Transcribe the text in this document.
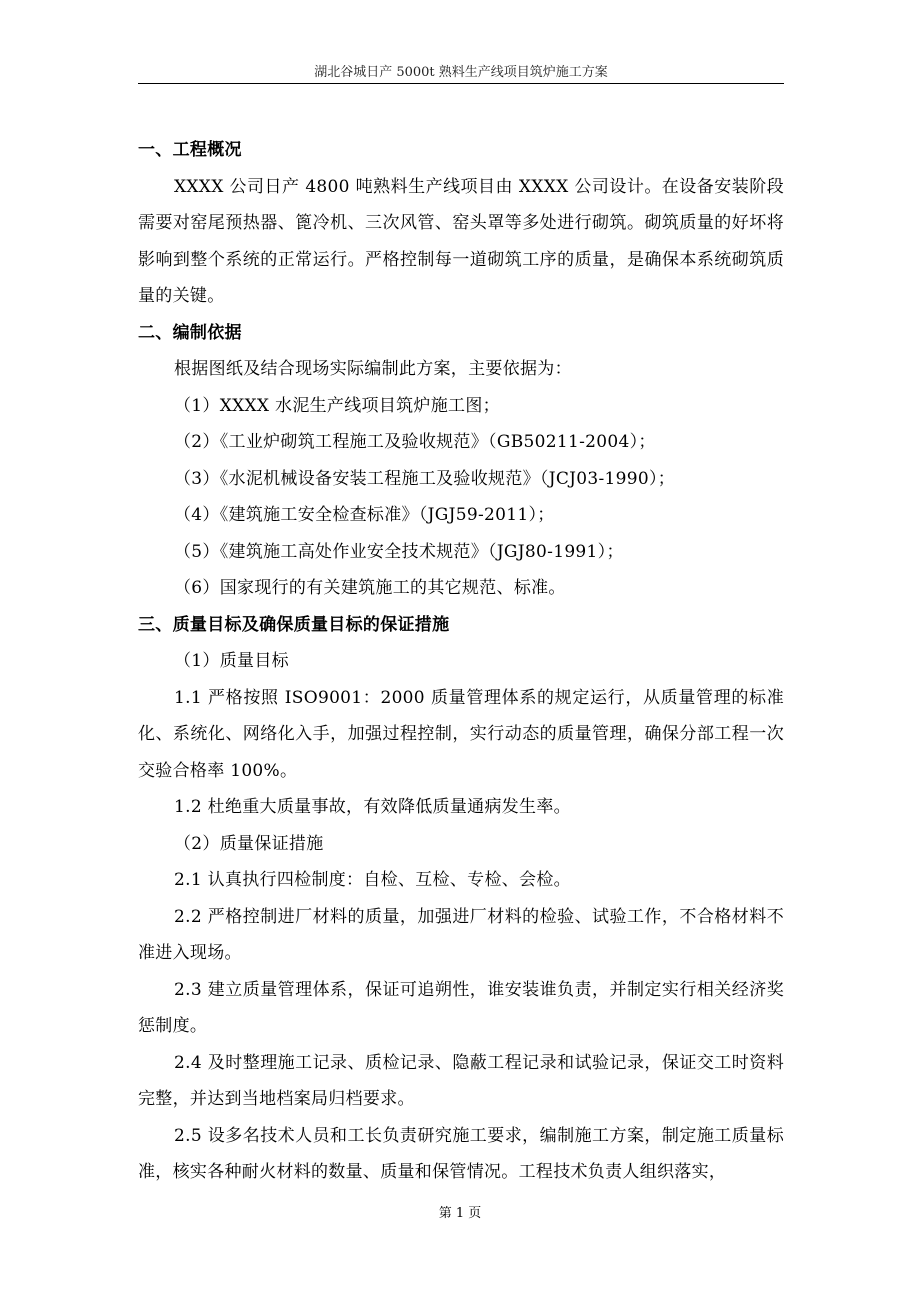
湖北谷城日产 5000t 熟料生产线项目筑炉施工方案

一、工程概况

XXXX 公司日产 4800 吨熟料生产线项目由 XXXX 公司设计。在设备安装阶段需要对窑尾预热器、篦冷机、三次风管、窑头罩等多处进行砌筑。砌筑质量的好坏将影响到整个系统的正常运行。严格控制每一道砌筑工序的质量，是确保本系统砌筑质量的关键。

二、编制依据

根据图纸及结合现场实际编制此方案，主要依据为：

（1）XXXX 水泥生产线项目筑炉施工图；

（2）《工业炉砌筑工程施工及验收规范》（GB50211-2004）；

（3）《水泥机械设备安装工程施工及验收规范》（JCJ03-1990）；

（4）《建筑施工安全检查标准》（JGJ59-2011）；

（5）《建筑施工高处作业安全技术规范》（JGJ80-1991）；

（6）国家现行的有关建筑施工的其它规范、标准。

三、质量目标及确保质量目标的保证措施

（1）质量目标

1.1 严格按照 ISO9001：2000 质量管理体系的规定运行，从质量管理的标准化、系统化、网络化入手，加强过程控制，实行动态的质量管理，确保分部工程一次交验合格率 100%。

1.2 杜绝重大质量事故，有效降低质量通病发生率。

（2）质量保证措施

2.1 认真执行四检制度：自检、互检、专检、会检。

2.2 严格控制进厂材料的质量，加强进厂材料的检验、试验工作，不合格材料不准进入现场。

2.3 建立质量管理体系，保证可追朔性，谁安装谁负责，并制定实行相关经济奖惩制度。

2.4 及时整理施工记录、质检记录、隐蔽工程记录和试验记录，保证交工时资料完整，并达到当地档案局归档要求。

2.5 设多名技术人员和工长负责研究施工要求，编制施工方案，制定施工质量标准，核实各种耐火材料的数量、质量和保管情况。工程技术负责人组织落实，

第 1 页
